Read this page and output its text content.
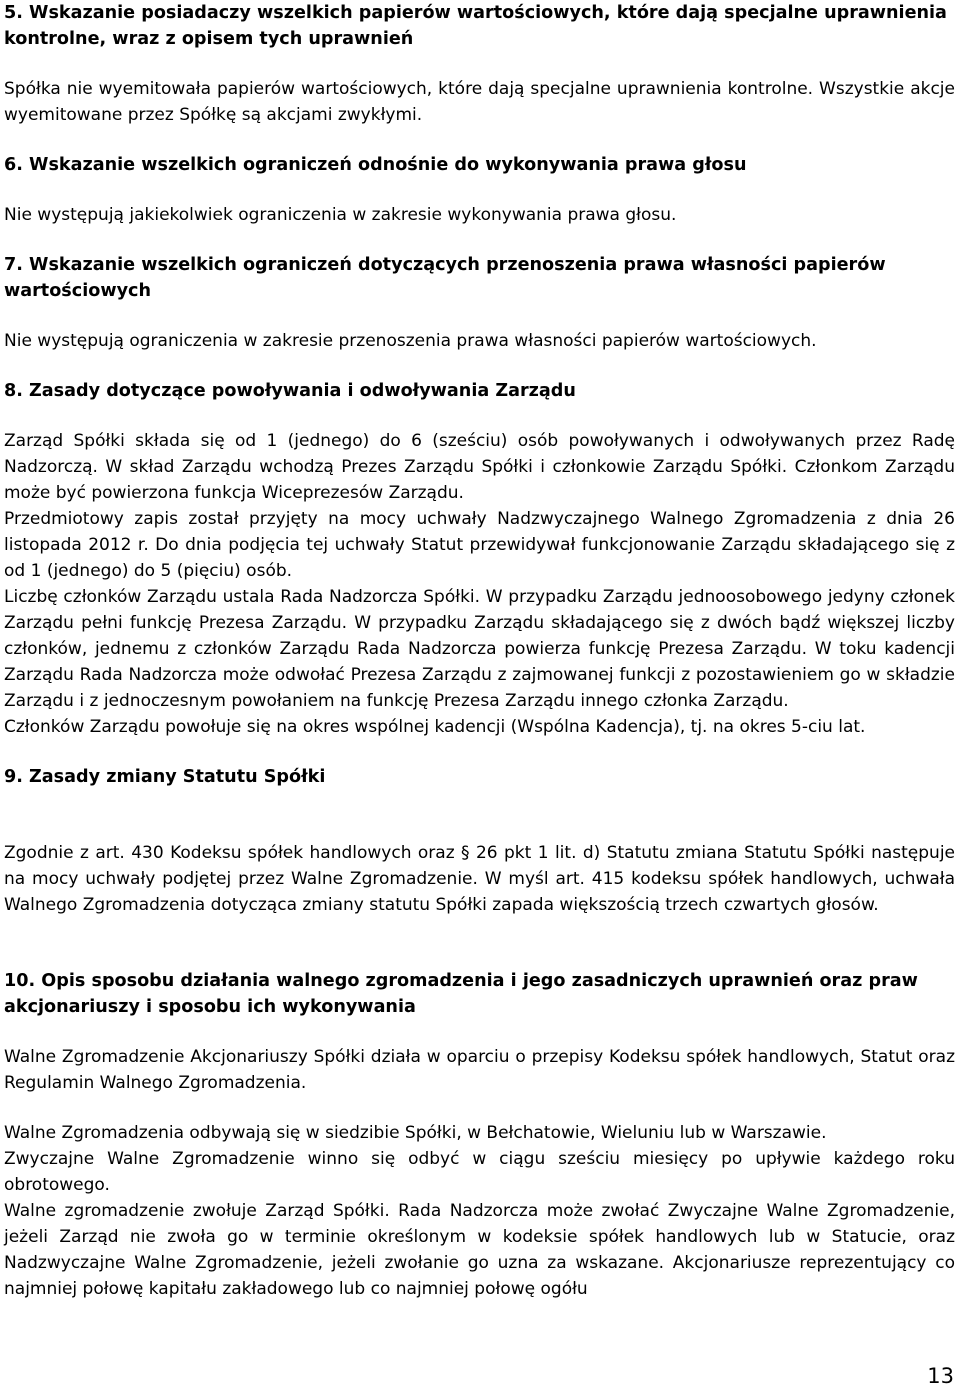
5. Wskazanie posiadaczy wszelkich papierów wartościowych, które dają specjalne uprawnienia kontrolne, wraz z opisem tych uprawnień

Spółka nie wyemitowała papierów wartościowych, które dają specjalne uprawnienia kontrolne. Wszystkie akcje wyemitowane przez Spółkę są akcjami zwykłymi.

6. Wskazanie wszelkich ograniczeń odnośnie do wykonywania prawa głosu

Nie występują jakiekolwiek ograniczenia w zakresie wykonywania prawa głosu.

7. Wskazanie wszelkich ograniczeń dotyczących przenoszenia prawa własności papierów wartościowych

Nie występują ograniczenia w zakresie przenoszenia prawa własności papierów wartościowych.

8. Zasady dotyczące powoływania i odwoływania Zarządu

Zarząd Spółki składa się od 1 (jednego) do 6 (sześciu) osób powoływanych i odwoływanych przez Radę Nadzorczą. W skład Zarządu wchodzą Prezes Zarządu Spółki i członkowie Zarządu Spółki. Członkom Zarządu może być powierzona funkcja Wiceprezesów Zarządu.

Przedmiotowy zapis został przyjęty na mocy uchwały Nadzwyczajnego Walnego Zgromadzenia z dnia 26 listopada 2012 r. Do dnia podjęcia tej uchwały Statut przewidywał funkcjonowanie Zarządu składającego się z od 1 (jednego) do 5 (pięciu) osób.

Liczbę członków Zarządu ustala Rada Nadzorcza Spółki. W przypadku Zarządu jednoosobowego jedyny członek Zarządu pełni funkcję Prezesa Zarządu. W przypadku Zarządu składającego się z dwóch bądź większej liczby członków, jednemu z członków Zarządu Rada Nadzorcza powierza funkcję Prezesa Zarządu. W toku kadencji Zarządu Rada Nadzorcza może odwołać Prezesa Zarządu z zajmowanej funkcji z pozostawieniem go w składzie Zarządu i z jednoczesnym powołaniem na funkcję Prezesa Zarządu innego członka Zarządu.

Członków Zarządu powołuje się na okres wspólnej kadencji (Wspólna Kadencja), tj. na okres 5-ciu lat.

9. Zasady zmiany Statutu Spółki

Zgodnie z art. 430 Kodeksu spółek handlowych oraz § 26 pkt 1 lit. d) Statutu zmiana Statutu Spółki następuje na mocy uchwały podjętej przez Walne Zgromadzenie. W myśl art. 415 kodeksu spółek handlowych, uchwała Walnego Zgromadzenia dotycząca zmiany statutu Spółki zapada większością trzech czwartych głosów.

10. Opis sposobu działania walnego zgromadzenia i jego zasadniczych uprawnień oraz praw akcjonariuszy i sposobu ich wykonywania

Walne Zgromadzenie Akcjonariuszy Spółki działa w oparciu o przepisy Kodeksu spółek handlowych, Statut oraz Regulamin Walnego Zgromadzenia.

Walne Zgromadzenia odbywają się w siedzibie Spółki, w Bełchatowie, Wieluniu lub w Warszawie.

Zwyczajne Walne Zgromadzenie winno się odbyć w ciągu sześciu miesięcy po upływie każdego roku obrotowego.

Walne zgromadzenie zwołuje Zarząd Spółki. Rada Nadzorcza może zwołać Zwyczajne Walne Zgromadzenie, jeżeli Zarząd nie zwoła go w terminie określonym w kodeksie spółek handlowych lub w Statucie, oraz Nadzwyczajne Walne Zgromadzenie, jeżeli zwołanie go uzna za wskazane. Akcjonariusze reprezentujący co najmniej połowę kapitału zakładowego lub co najmniej połowę ogółu

13
